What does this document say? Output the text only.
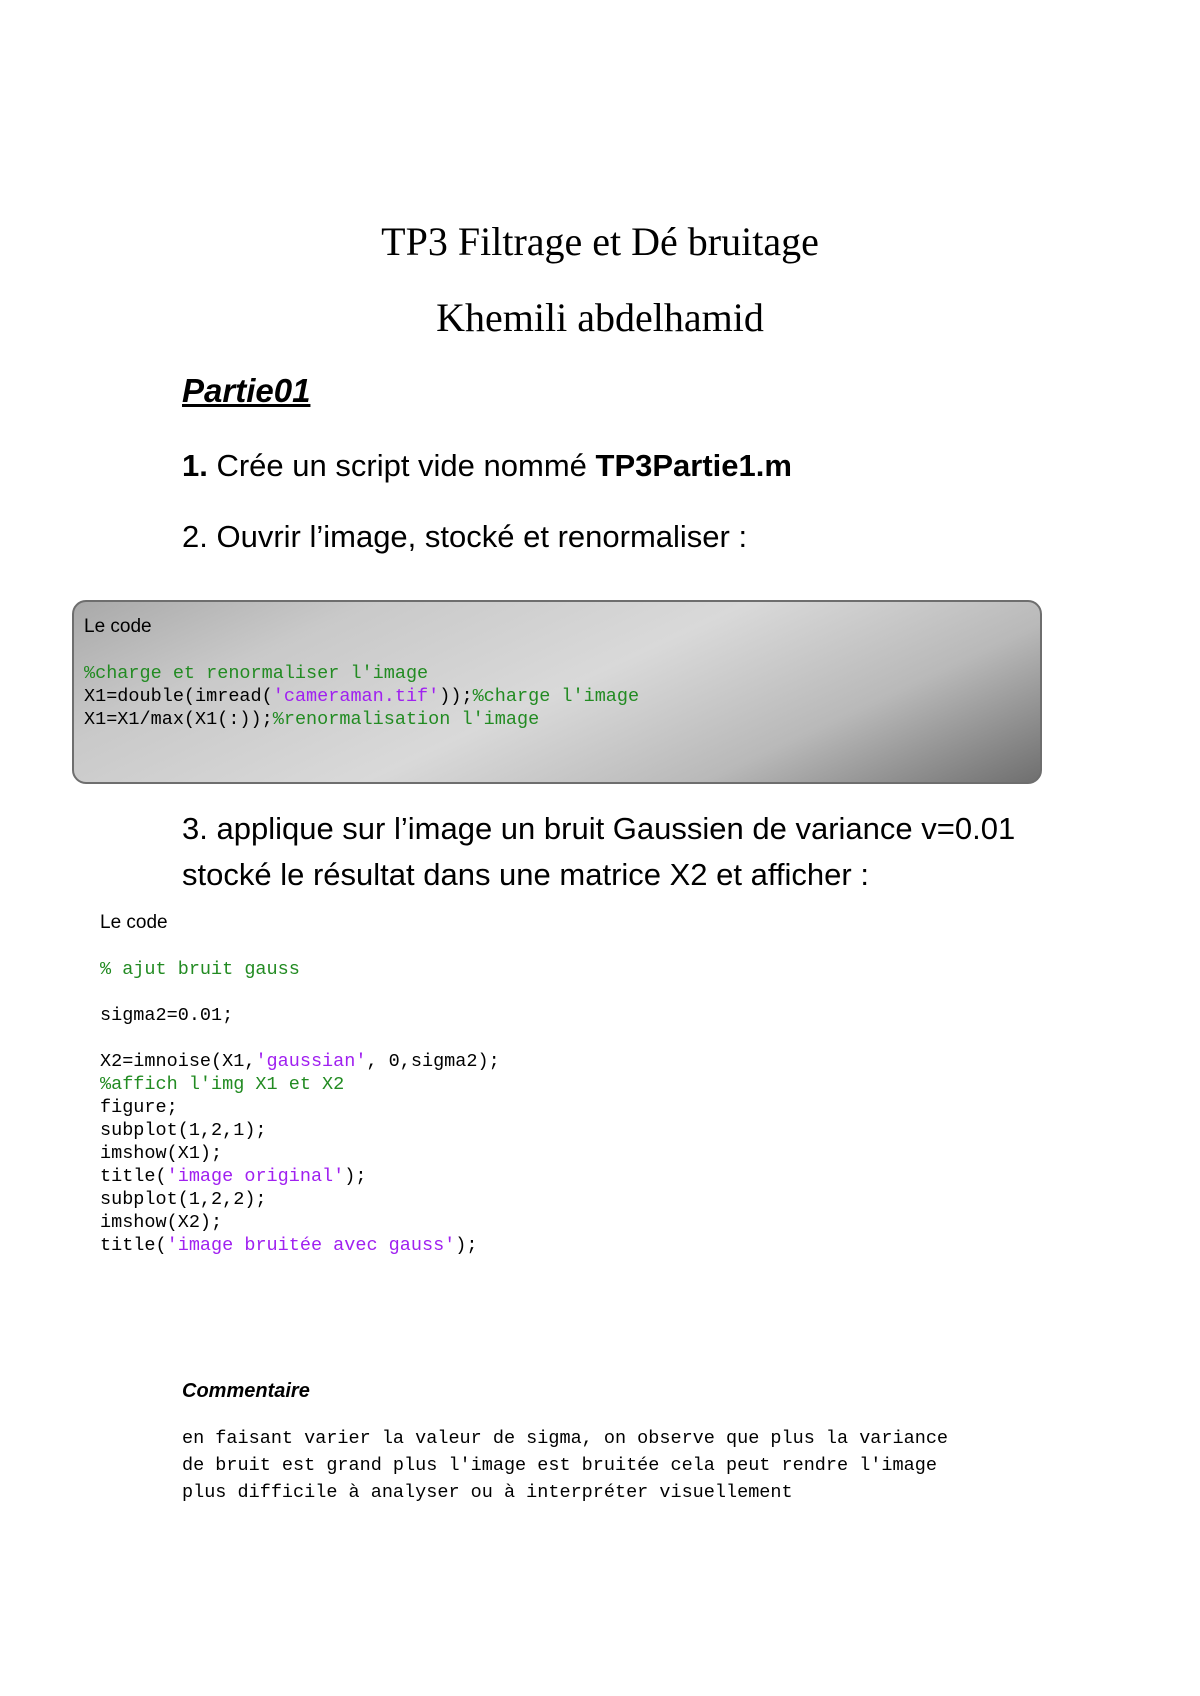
TP3 Filtrage et Dé bruitage
Khemili abdelhamid
Partie01
1. Crée un script vide nommé TP3Partie1.m
2. Ouvrir l’image, stocké et renormaliser :
Le code
%charge et renormaliser l'image
X1=double(imread('cameraman.tif'));%charge l'image
X1=X1/max(X1(:));%renormalisation l'image
3. applique sur l’image un bruit Gaussien de variance v=0.01
stocké le résultat dans une matrice X2 et afficher :
Le code
% ajut bruit gauss

sigma2=0.01;

X2=imnoise(X1,'gaussian', 0,sigma2);
%affich l'img X1 et X2
figure;
subplot(1,2,1);
imshow(X1);
title('image original');
subplot(1,2,2);
imshow(X2);
title('image bruitée avec gauss');
Commentaire

en faisant varier la valeur de sigma, on observe que plus la variance
de bruit est grand plus l'image est bruitée cela peut rendre l'image
plus difficile à analyser ou à interpréter visuellement
